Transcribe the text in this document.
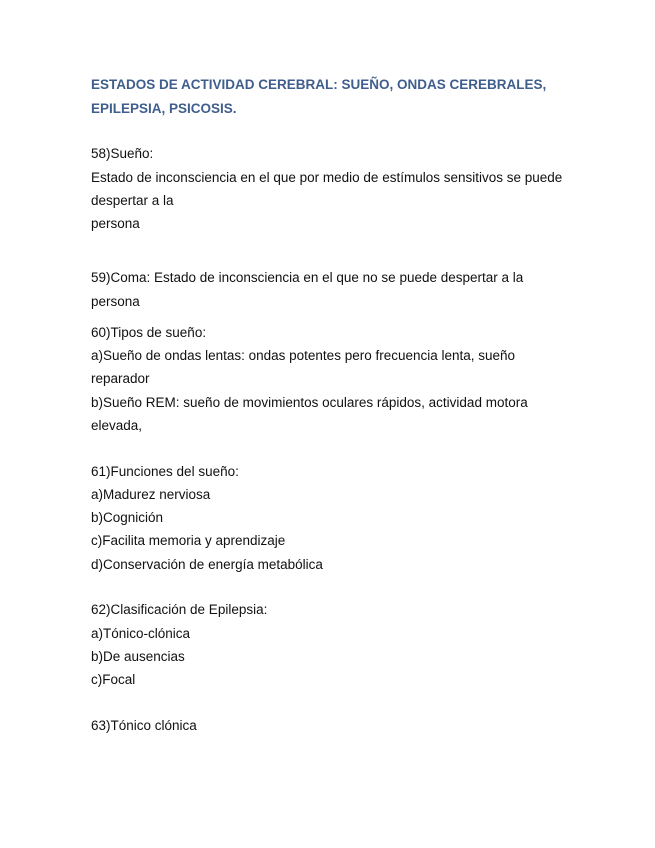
ESTADOS DE ACTIVIDAD CEREBRAL: SUEÑO, ONDAS CEREBRALES,
EPILEPSIA, PSICOSIS.

58)Sueño:

Estado de inconsciencia en el que por medio de estímulos sensitivos se puede

despertar a la

persona

59)Coma: Estado de inconsciencia en el que no se puede despertar a la

persona

60)Tipos de sueño:

a)Sueño de ondas lentas: ondas potentes pero frecuencia lenta, sueño

reparador

b)Sueño REM: sueño de movimientos oculares rápidos, actividad motora

elevada,

61)Funciones del sueño:

a)Madurez nerviosa

b)Cognición

c)Facilita memoria y aprendizaje

d)Conservación de energía metabólica

62)Clasificación de Epilepsia:

a)Tónico-clónica

b)De ausencias

c)Focal

63)Tónico clónica
